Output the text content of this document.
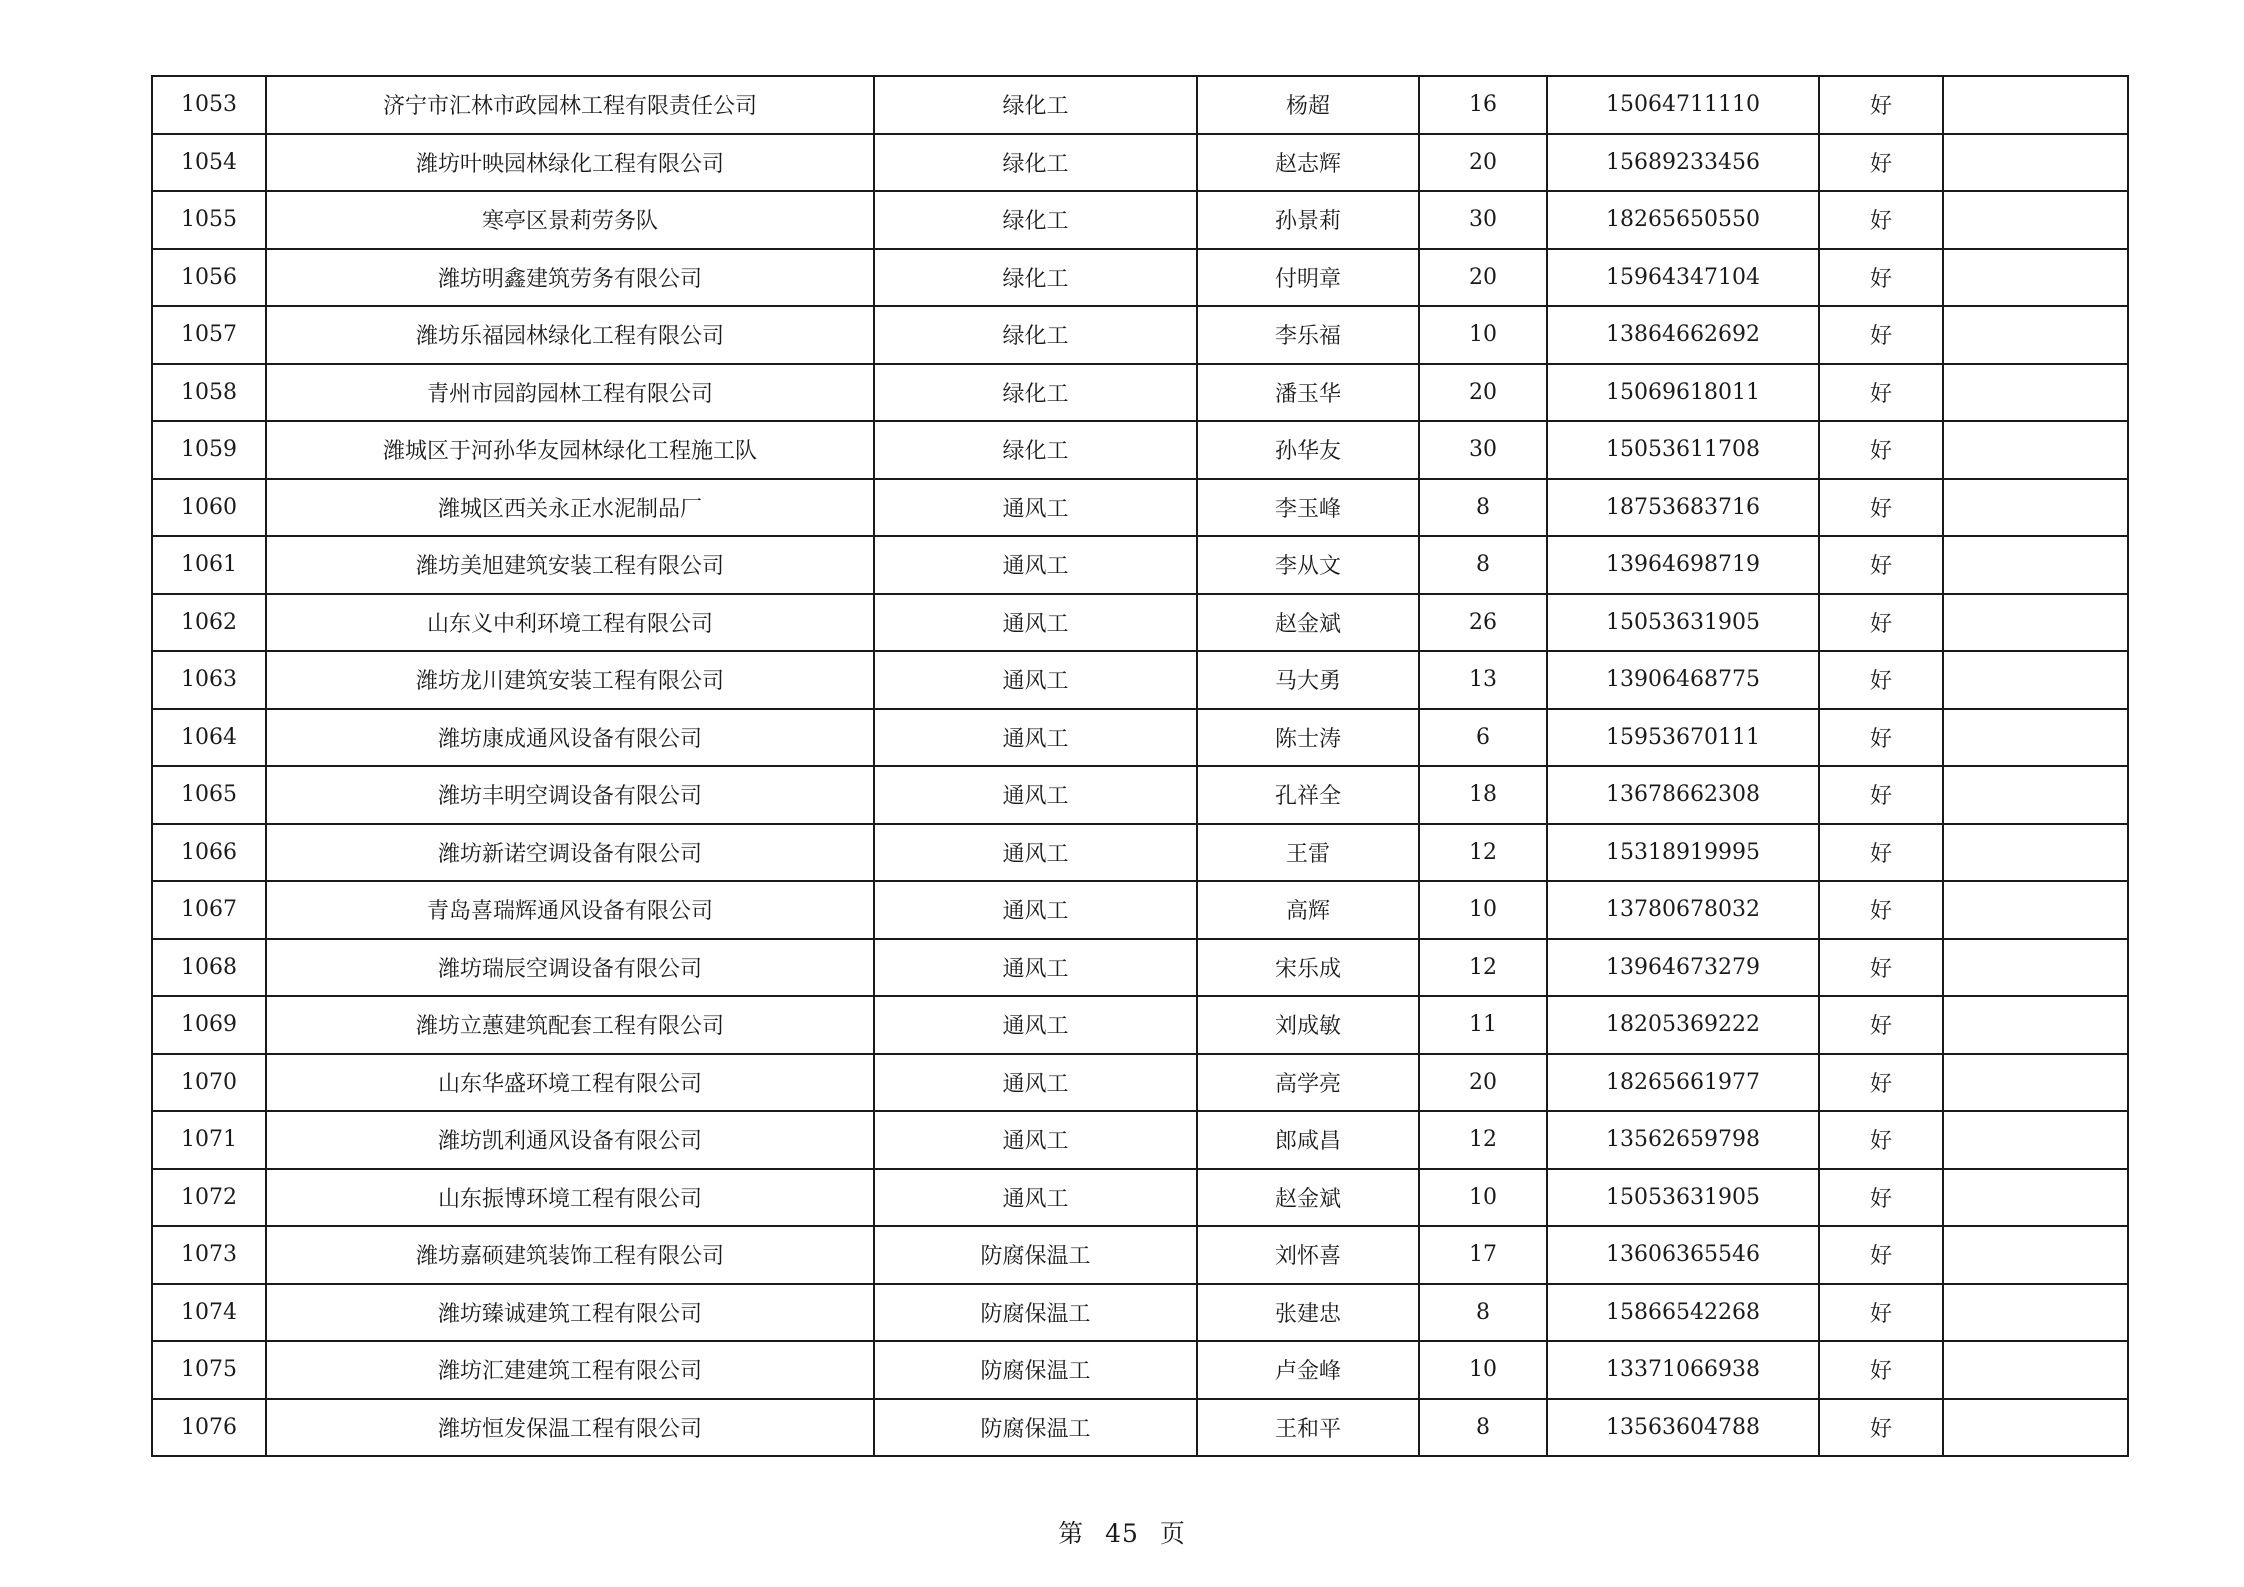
1053	济宁市汇林市政园林工程有限责任公司	绿化工	杨超	16	15064711110	好	
1054	潍坊叶映园林绿化工程有限公司	绿化工	赵志辉	20	15689233456	好	
1055	寒亭区景莉劳务队	绿化工	孙景莉	30	18265650550	好	
1056	潍坊明鑫建筑劳务有限公司	绿化工	付明章	20	15964347104	好	
1057	潍坊乐福园林绿化工程有限公司	绿化工	李乐福	10	13864662692	好	
1058	青州市园韵园林工程有限公司	绿化工	潘玉华	20	15069618011	好	
1059	潍城区于河孙华友园林绿化工程施工队	绿化工	孙华友	30	15053611708	好	
1060	潍城区西关永正水泥制品厂	通风工	李玉峰	8	18753683716	好	
1061	潍坊美旭建筑安装工程有限公司	通风工	李从文	8	13964698719	好	
1062	山东义中利环境工程有限公司	通风工	赵金斌	26	15053631905	好	
1063	潍坊龙川建筑安装工程有限公司	通风工	马大勇	13	13906468775	好	
1064	潍坊康成通风设备有限公司	通风工	陈士涛	6	15953670111	好	
1065	潍坊丰明空调设备有限公司	通风工	孔祥全	18	13678662308	好	
1066	潍坊新诺空调设备有限公司	通风工	王雷	12	15318919995	好	
1067	青岛喜瑞辉通风设备有限公司	通风工	高辉	10	13780678032	好	
1068	潍坊瑞辰空调设备有限公司	通风工	宋乐成	12	13964673279	好	
1069	潍坊立蕙建筑配套工程有限公司	通风工	刘成敏	11	18205369222	好	
1070	山东华盛环境工程有限公司	通风工	高学亮	20	18265661977	好	
1071	潍坊凯利通风设备有限公司	通风工	郎咸昌	12	13562659798	好	
1072	山东振博环境工程有限公司	通风工	赵金斌	10	15053631905	好	
1073	潍坊嘉硕建筑装饰工程有限公司	防腐保温工	刘怀喜	17	13606365546	好	
1074	潍坊臻诚建筑工程有限公司	防腐保温工	张建忠	8	15866542268	好	
1075	潍坊汇建建筑工程有限公司	防腐保温工	卢金峰	10	13371066938	好	
1076	潍坊恒发保温工程有限公司	防腐保温工	王和平	8	13563604788	好	
第 45 页
